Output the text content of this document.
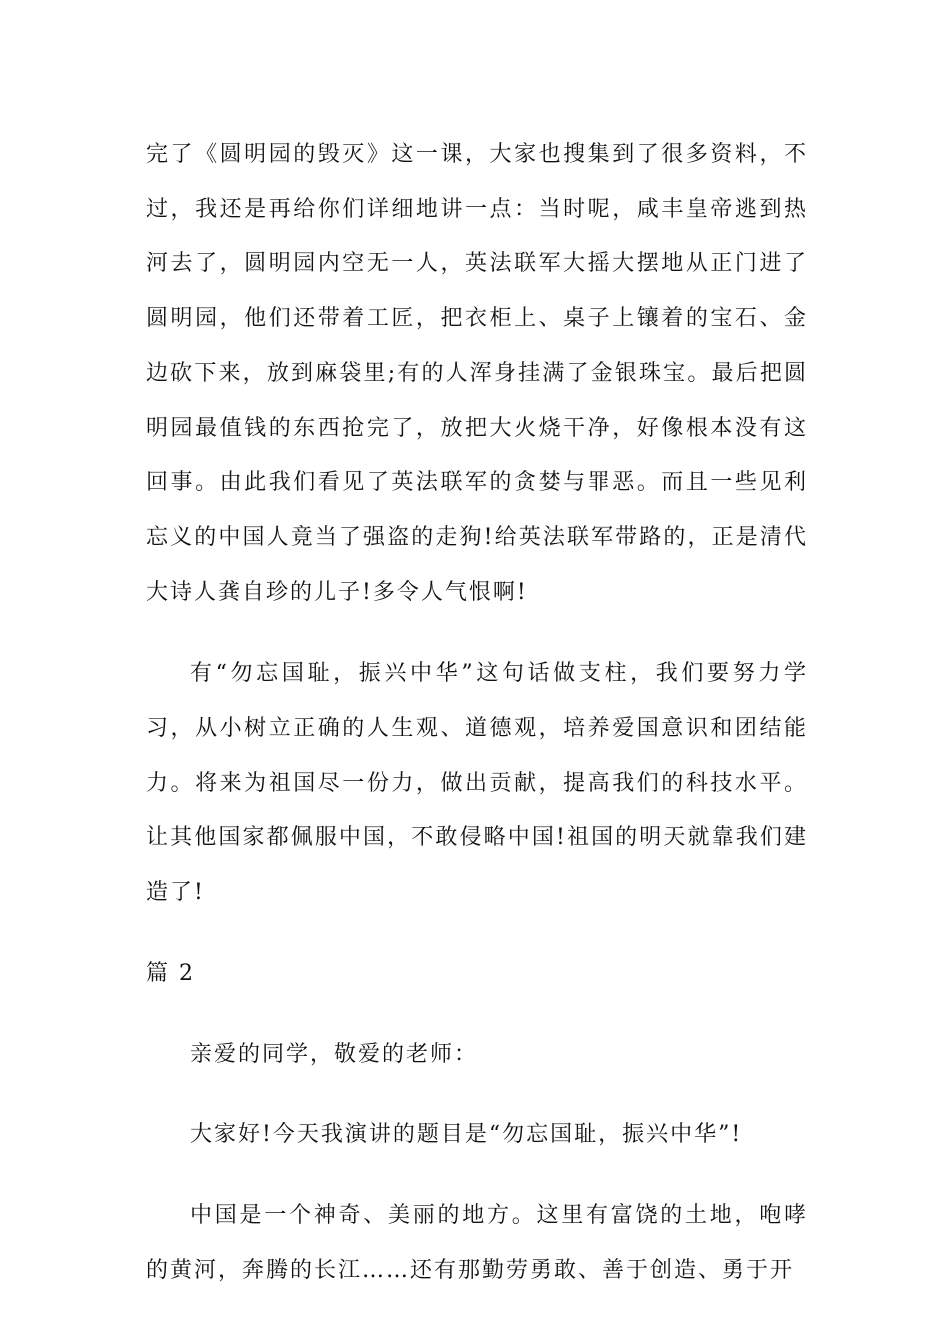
完了《圆明园的毁灭》这一课，大家也搜集到了很多资料，不过，我还是再给你们详细地讲一点：当时呢，咸丰皇帝逃到热河去了，圆明园内空无一人，英法联军大摇大摆地从正门进了圆明园，他们还带着工匠，把衣柜上、桌子上镶着的宝石、金边砍下来，放到麻袋里;有的人浑身挂满了金银珠宝。最后把圆明园最值钱的东西抢完了，放把大火烧干净，好像根本没有这回事。由此我们看见了英法联军的贪婪与罪恶。而且一些见利忘义的中国人竟当了强盗的走狗!给英法联军带路的，正是清代大诗人龚自珍的儿子!多令人气恨啊!

有“勿忘国耻，振兴中华”这句话做支柱，我们要努力学习，从小树立正确的人生观、道德观，培养爱国意识和团结能力。将来为祖国尽一份力，做出贡献，提高我们的科技水平。让其他国家都佩服中国，不敢侵略中国!祖国的明天就靠我们建造了!

篇 2

亲爱的同学，敬爱的老师：

大家好!今天我演讲的题目是“勿忘国耻，振兴中华”!

中国是一个神奇、美丽的地方。这里有富饶的土地，咆哮的黄河，奔腾的长江……还有那勤劳勇敢、善于创造、勇于开
